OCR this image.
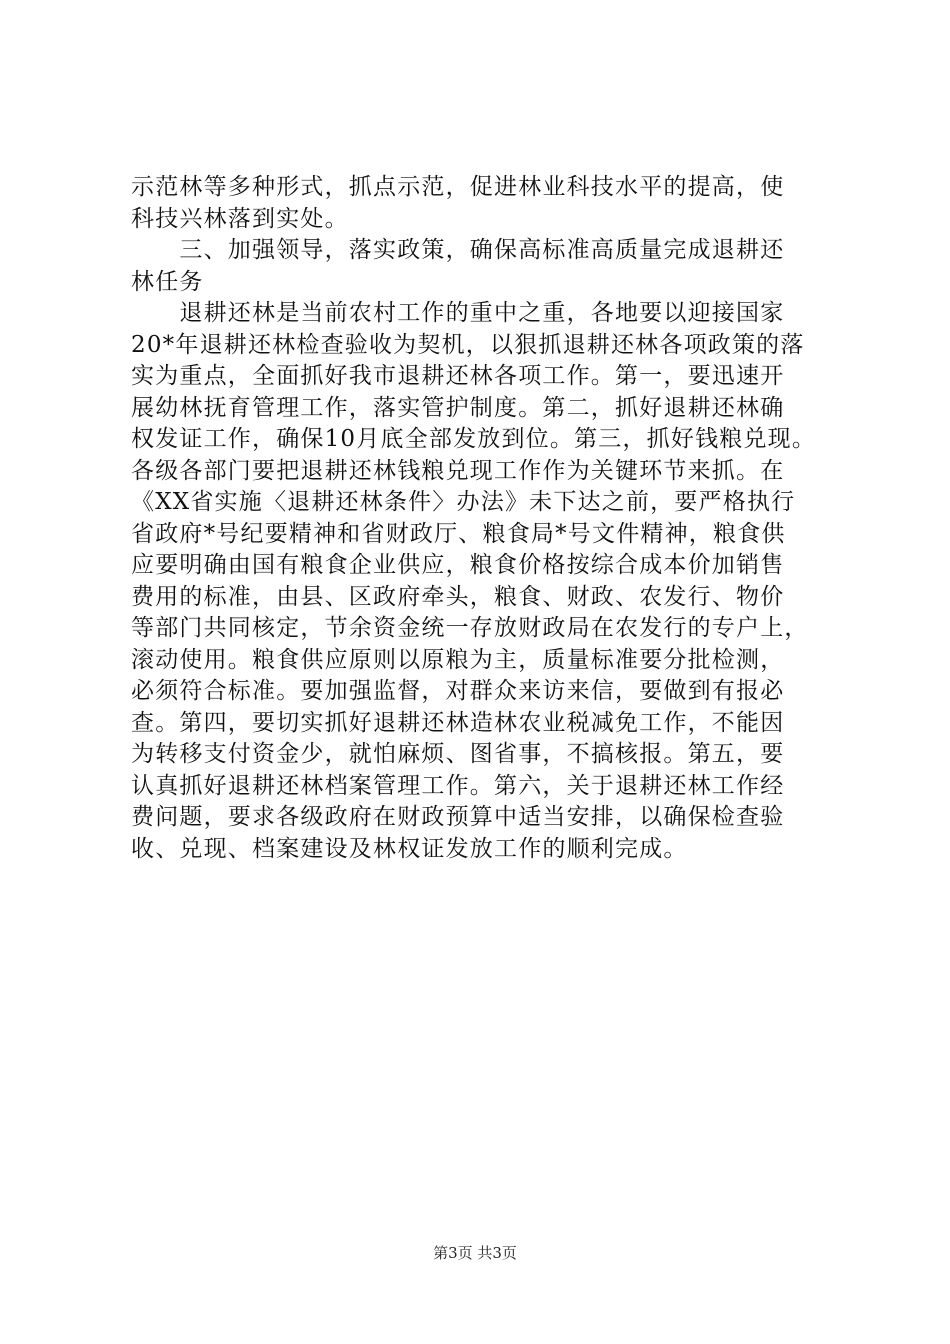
示范林等多种形式，抓点示范，促进林业科技水平的提高，使
科技兴林落到实处。
　　三、加强领导，落实政策，确保高标准高质量完成退耕还
林任务
　　退耕还林是当前农村工作的重中之重，各地要以迎接国家
20*年退耕还林检查验收为契机，以狠抓退耕还林各项政策的落
实为重点，全面抓好我市退耕还林各项工作。第一，要迅速开
展幼林抚育管理工作，落实管护制度。第二，抓好退耕还林确
权发证工作，确保10月底全部发放到位。第三，抓好钱粮兑现。
各级各部门要把退耕还林钱粮兑现工作作为关键环节来抓。在
《XX省实施〈退耕还林条件〉办法》未下达之前，要严格执行
省政府*号纪要精神和省财政厅、粮食局*号文件精神，粮食供
应要明确由国有粮食企业供应，粮食价格按综合成本价加销售
费用的标准，由县、区政府牵头，粮食、财政、农发行、物价
等部门共同核定，节余资金统一存放财政局在农发行的专户上，
滚动使用。粮食供应原则以原粮为主，质量标准要分批检测，
必须符合标准。要加强监督，对群众来访来信，要做到有报必
查。第四，要切实抓好退耕还林造林农业税减免工作，不能因
为转移支付资金少，就怕麻烦、图省事，不搞核报。第五，要
认真抓好退耕还林档案管理工作。第六，关于退耕还林工作经
费问题，要求各级政府在财政预算中适当安排，以确保检查验
收、兑现、档案建设及林权证发放工作的顺利完成。
第3页 共3页
